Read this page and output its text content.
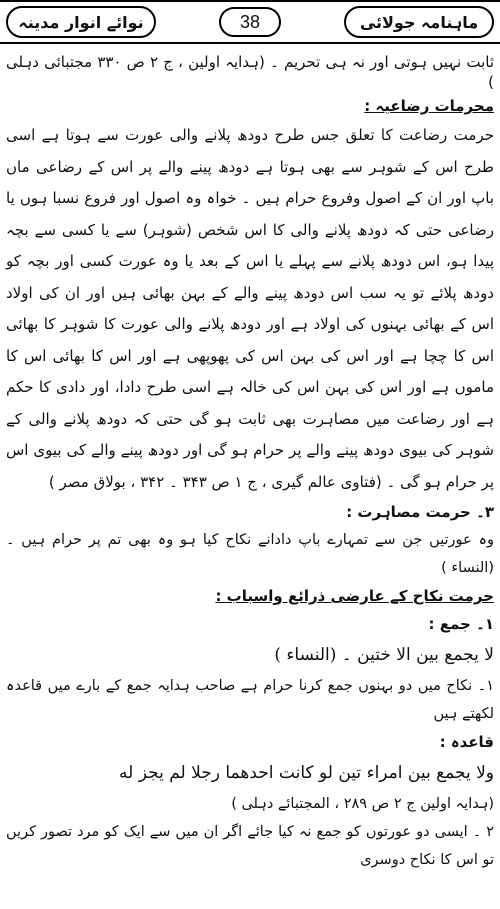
نوائے انوار مدینہ	38	ماہنامہ جولائی

ثابت نہیں ہوتی اور نہ ہی تحریم ۔ (ہدایہ اولین ، ج ۲ ص ۳۳۰ مجتبائی دہلی )

محرمات رضاعیہ :

حرمت رضاعت کا تعلق جس طرح دودھ پلانے والی عورت سے ہوتا ہے اسی طرح اس کے شوہر سے بھی ہوتا ہے دودھ پینے والے پر اس کے رضاعی ماں باپ اور ان کے اصول وفروع حرام ہیں ۔ خواہ وہ اصول اور فروع نسبا ہوں یا رضاعی حتی کہ دودھ پلانے والی کا اس شخص (شوہر) سے یا کسی سے بچہ پیدا ہو، اس دودھ پلانے سے پہلے یا اس کے بعد یا وہ عورت کسی اور بچہ کو دودھ پلائے تو یہ سب اس دودھ پینے والے کے بہن بھائی ہیں اور ان کی اولاد اس کے بھائی بہنوں کی اولاد ہے اور دودھ پلانے والی عورت کا شوہر کا بھائی اس کا چچا ہے اور اس کی بہن اس کی پھوپھی ہے اور اس کا بھائی اس کا ماموں ہے اور اس کی بہن اس کی خالہ ہے اسی طرح دادا، اور دادی کا حکم ہے اور رضاعت میں مصاہرت بھی ثابت ہو گی حتی کہ دودھ پلانے والی کے شوہر کی بیوی دودھ پینے والے پر حرام ہو گی اور دودھ پینے والے کی بیوی اس پر حرام ہو گی ۔ (فتاوی عالم گیری ، ج ۱ ص ۳۴۳ ۔ ۳۴۲ ، بولاق مصر )

۳۔ حرمت مصاہرت :

وہ عورتیں جن سے تمہارے باپ دادانے نکاح کیا ہو وہ بھی تم پر حرام ہیں ۔ (النساء )

حرمت نکاح کے عارضی ذرائع واسباب :

۱۔ جمع :

لا یجمع بین الا ختین ۔ (النساء )

۱۔ نکاح میں دو بہنوں جمع کرنا حرام ہے صاحب ہدایہ جمع کے بارے میں قاعدہ لکھتے ہیں

قاعدہ :

ولا یجمع بین امراء تین لو کانت احدھما رجلا لم یجز له

(ہدایہ اولین ج ۲ ص ۲۸۹ ، المجتبائے دہلی )

۲ ۔ ایسی دو عورتوں کو جمع نہ کیا جائے اگر ان میں سے ایک کو مرد تصور کریں تو اس کا نکاح دوسری
